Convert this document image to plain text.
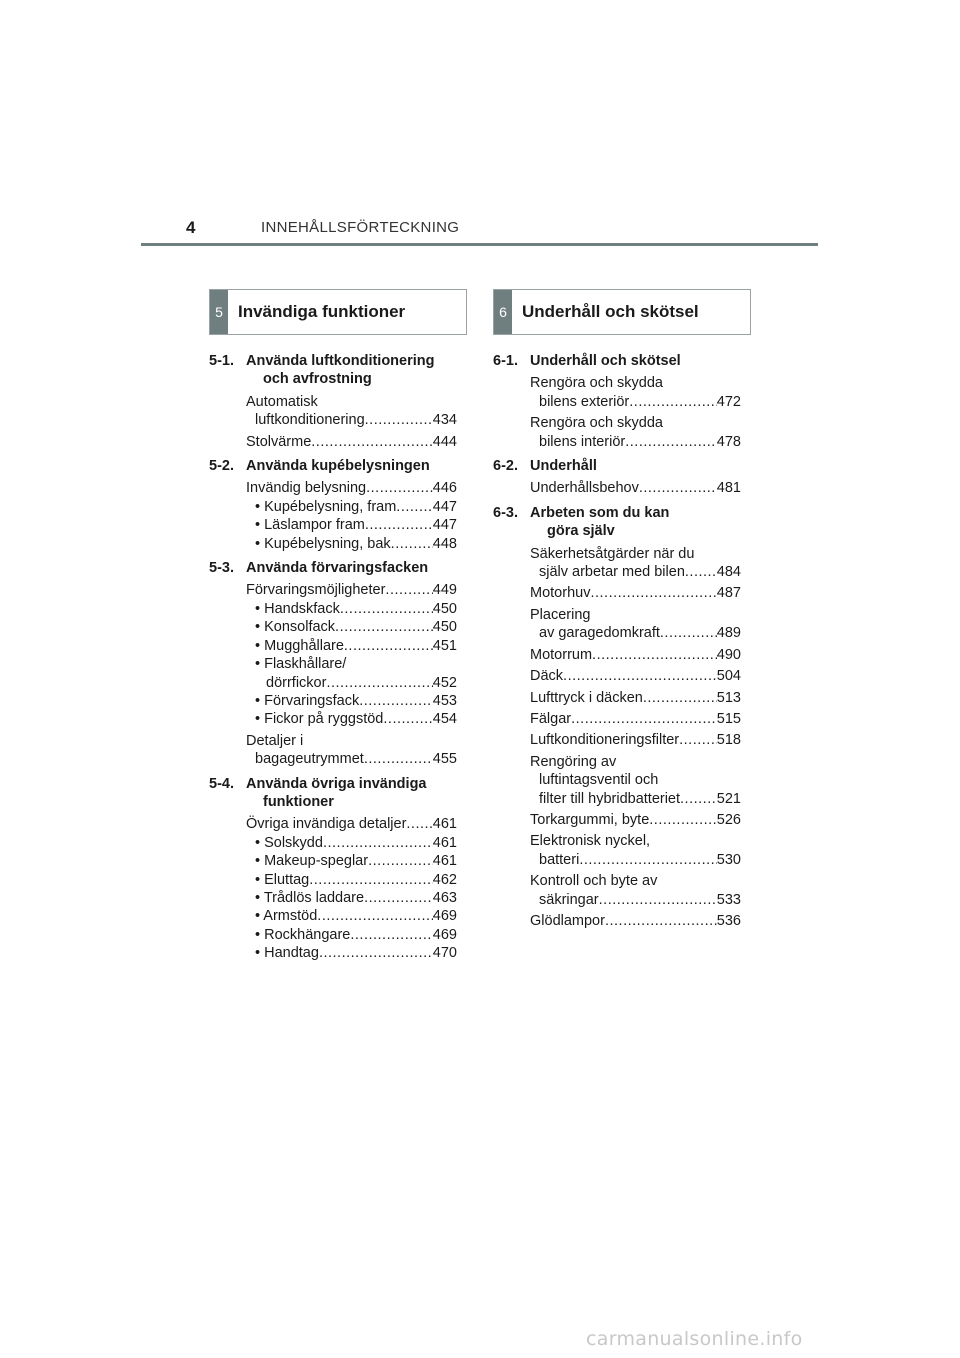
4	INNEHÅLLSFÖRTECKNING
5 Invändiga funktioner	6 Underhåll och skötsel
5-1. Använda luftkonditionering
och avfrostning
Automatisk
luftkonditionering .....	434
Stolvärme .....	444
5-2. Använda kupébelysningen
Invändig belysning .....	446
• Kupébelysning, fram .....	447
• Läslampor fram .....	447
• Kupébelysning, bak .....	448
5-3. Använda förvaringsfacken
Förvaringsmöjligheter .....	449
• Handskfack .....	450
• Konsolfack .....	450
• Mugghållare .....	451
• Flaskhållare/
dörrfickor .....	452
• Förvaringsfack .....	453
• Fickor på ryggstöd .....	454
Detaljer i
bagageutrymmet .....	455
5-4. Använda övriga invändiga
funktioner
Övriga invändiga detaljer ..... 461
• Solskydd .....	461
• Makeup-speglar .....	461
• Eluttag .....	462
• Trådlös laddare .....	463
• Armstöd .....	469
• Rockhängare .....	469
• Handtag .....	470
6-1. Underhåll och skötsel
Rengöra och skydda
bilens exteriör .....	472
Rengöra och skydda
bilens interiör .....	478
6-2. Underhåll
Underhållsbehov .....	481
6-3. Arbeten som du kan
göra själv
Säkerhetsåtgärder när du
själv arbetar med bilen ..... 484
Motorhuv .....	487
Placering
av garagedomkraft .....	489
Motorrum .....	490
Däck .....	504
Lufttryck i däcken .....	513
Fälgar .....	515
Luftkonditioneringsfilter .....	518
Rengöring av
luftintagsventil och
filter till hybridbatteriet .....	521
Torkargummi, byte .....	526
Elektronisk nyckel,
batteri .....	530
Kontroll och byte av
säkringar .....	533
Glödlampor .....	536
carmanualsonline.info
